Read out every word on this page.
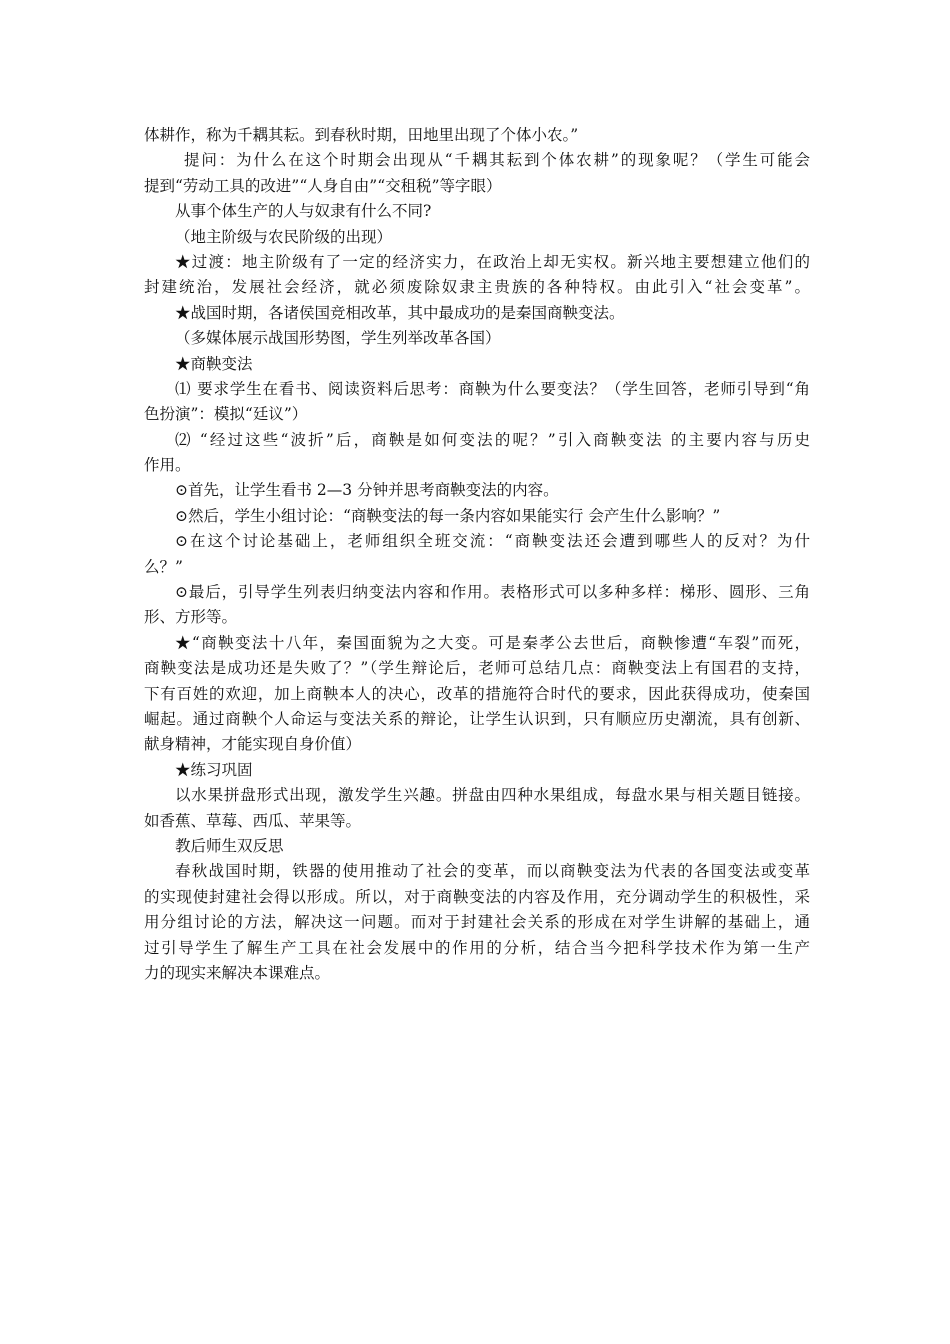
体耕作，称为千耦其耘。到春秋时期，田地里出现了个体小农。”
提问：为什么在这个时期会出现从“千耦其耘到个体农耕”的现象呢？（学生可能会
提到“劳动工具的改进”“人身自由”“交租税”等字眼）
从事个体生产的人与奴隶有什么不同?
（地主阶级与农民阶级的出现）
★过渡：地主阶级有了一定的经济实力，在政治上却无实权。新兴地主要想建立他们的
封建统治，发展社会经济，就必须废除奴隶主贵族的各种特权。由此引入“社会变革”。
★战国时期，各诸侯国竞相改革，其中最成功的是秦国商鞅变法。
（多媒体展示战国形势图，学生列举改革各国）
★商鞅变法
⑴ 要求学生在看书、阅读资料后思考：商鞅为什么要变法？（学生回答，老师引导到“角
色扮演”：模拟“廷议”）
⑵ “经过这些“波折”后，商鞅是如何变法的呢？”引入商鞅变法 的主要内容与历史
作用。
⊙首先，让学生看书 2—3 分钟并思考商鞅变法的内容。
⊙然后，学生小组讨论：“商鞅变法的每一条内容如果能实行 会产生什么影响？”
⊙在这个讨论基础上，老师组织全班交流：“商鞅变法还会遭到哪些人的反对？为什
么？”
⊙最后，引导学生列表归纳变法内容和作用。表格形式可以多种多样：梯形、圆形、三角
形、方形等。
★“商鞅变法十八年，秦国面貌为之大变。可是秦孝公去世后，商鞅惨遭“车裂”而死，
商鞅变法是成功还是失败了？”（学生辩论后，老师可总结几点：商鞅变法上有国君的支持，
下有百姓的欢迎，加上商鞅本人的决心，改革的措施符合时代的要求，因此获得成功，使秦国
崛起。通过商鞅个人命运与变法关系的辩论，让学生认识到，只有顺应历史潮流，具有创新、
献身精神，才能实现自身价值）
★练习巩固
以水果拼盘形式出现，激发学生兴趣。拼盘由四种水果组成，每盘水果与相关题目链接。
如香蕉、草莓、西瓜、苹果等。
教后师生双反思
春秋战国时期，铁器的使用推动了社会的变革，而以商鞅变法为代表的各国变法或变革
的实现使封建社会得以形成。所以，对于商鞅变法的内容及作用，充分调动学生的积极性，采
用分组讨论的方法，解决这一问题。而对于封建社会关系的形成在对学生讲解的基础上，通
过引导学生了解生产工具在社会发展中的作用的分析，结合当今把科学技术作为第一生产
力的现实来解决本课难点。
